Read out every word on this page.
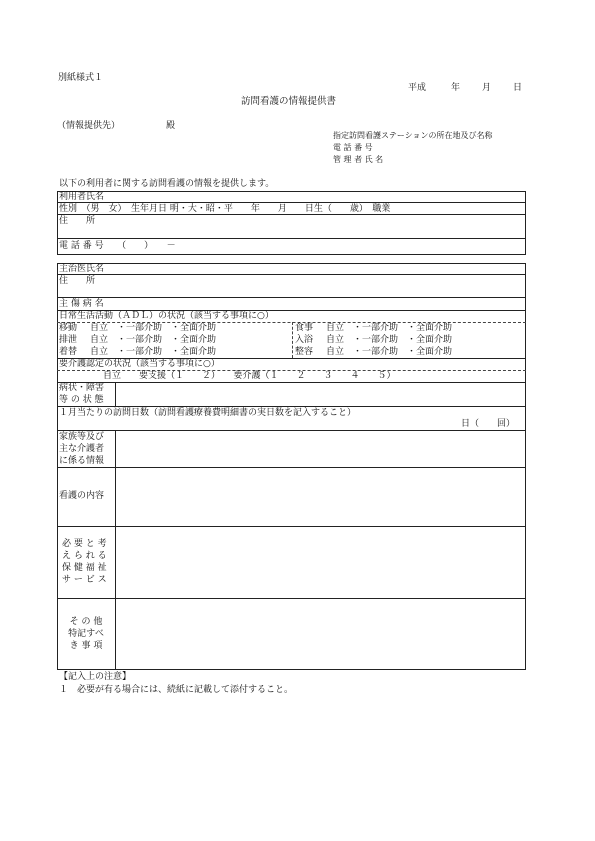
別紙様式１
平成	年 月 日
訪問看護の情報提供書
（情報提供先）	殿
指定訪問看護ステーションの所在地及び名称
電 話 番 号
管 理 者 氏 名
以下の利用者に関する訪問看護の情報を提供します。
利用者氏名
性別　（男　女）　生年月日 明・大・昭・平　　年　　月　　日生（　　歳）　職業
住　　所
電 話 番 号　　（　　）　　－
主治医氏名
住　　所
主 傷 病 名
日常生活活動（ＡＤＬ）の状況（該当する事項に○）
移動 自立　・一部介助　・全面介助
排泄 自立　・一部介助　・全面介助
着替 自立　・一部介助　・全面介助
食事 自立　・一部介助　・全面介助
入浴 自立　・一部介助　・全面介助
整容 自立　・一部介助　・全面介助
要介護認定の状況（該当する事項に○）
自立　　要支援（１　　２）　　要介護（１　　２　　３　　４　　５）
病状・障害
等 の 状 態
１月当たりの訪問日数（訪問看護療養費明細書の実日数を記入すること）
日（　　回）
家族等及び
主な介護者
に係る情報
看護の内容
必 要 と 考
え ら れ る
保 健 福 祉
サ ー ビ ス
そ の 他
特記すべ
き 事 項
【記入上の注意】
１　必要が有る場合には、続紙に記載して添付すること。
